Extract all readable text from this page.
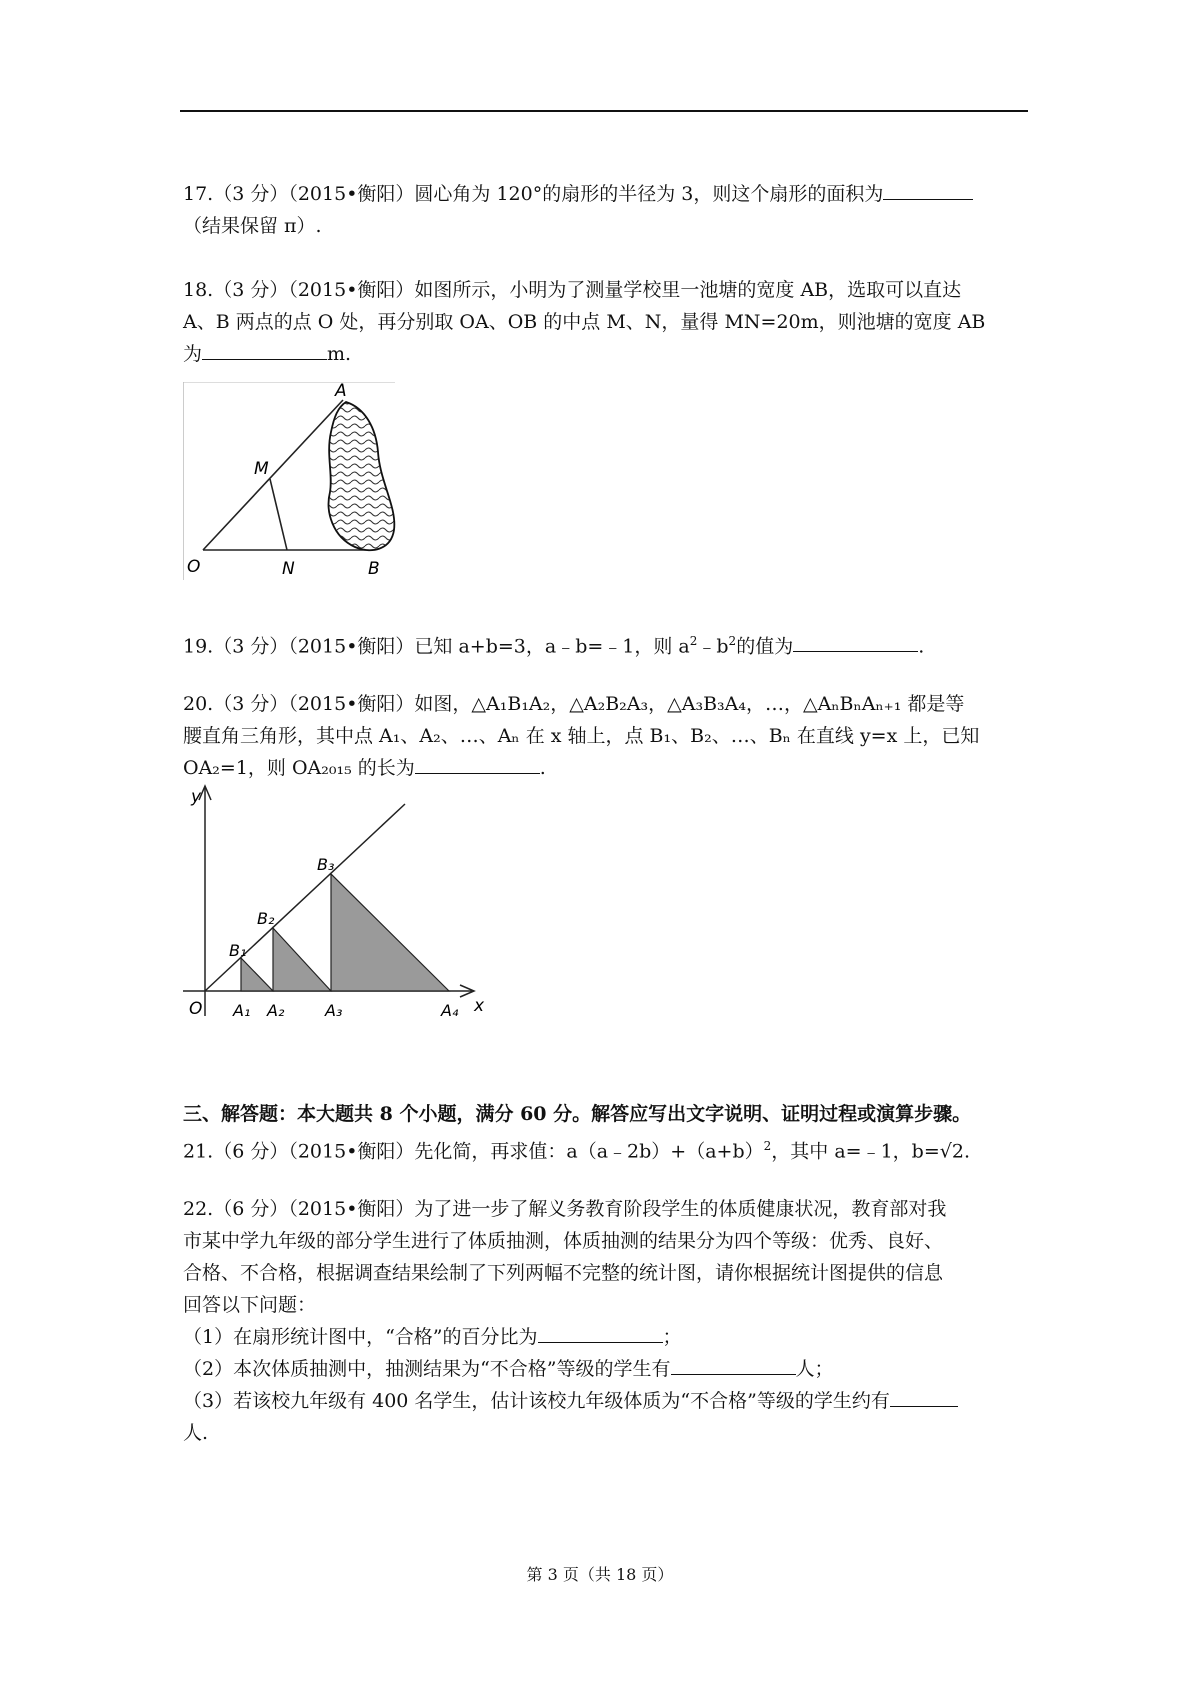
17.（3 分）（2015•衡阳）圆心角为 120°的扇形的半径为 3，则这个扇形的面积为
（结果保留 π）.
18.（3 分）（2015•衡阳）如图所示，小明为了测量学校里一池塘的宽度 AB，选取可以直达
A、B 两点的点 O 处，再分别取 OA、OB 的中点 M、N，量得 MN=20m，则池塘的宽度 AB
为	m.
A
M
O	N	B
19.（3 分）（2015•衡阳）已知 a+b=3，a﹣b=﹣1，则 $a^2﹣b^2$的值为	.
20.（3 分）（2015•衡阳）如图，△A₁B₁A₂，△A₂B₂A₃，△A₃B₃A₄，…，△AₙBₙAₙ₊₁ 都是等
腰直角三角形，其中点 A₁、A₂、…、Aₙ 在 x 轴上，点 B₁、B₂、…、Bₙ 在直线 y=x 上，已知
OA₂=1，则 OA₂₀₁₅ 的长为	.
y
x
O
B₁
B₂
B₃
A₁ A₂	A₃	A₄
三、解答题：本大题共 8 个小题，满分 60 分。解答应写出文字说明、证明过程或演算步骤。
21.（6 分）（2015•衡阳）先化简，再求值：$a(a﹣2b)+(a+b)^2$，其中 a=﹣1，b=√2.
22.（6 分）（2015•衡阳）为了进一步了解义务教育阶段学生的体质健康状况，教育部对我
市某中学九年级的部分学生进行了体质抽测，体质抽测的结果分为四个等级：优秀、良好、
合格、不合格，根据调查结果绘制了下列两幅不完整的统计图，请你根据统计图提供的信息
回答以下问题：
（1）在扇形统计图中，“合格”的百分比为	；
（2）本次体质抽测中，抽测结果为“不合格”等级的学生有	人；
（3）若该校九年级有 400 名学生，估计该校九年级体质为“不合格”等级的学生约有
人.
第 3 页（共 18 页）
